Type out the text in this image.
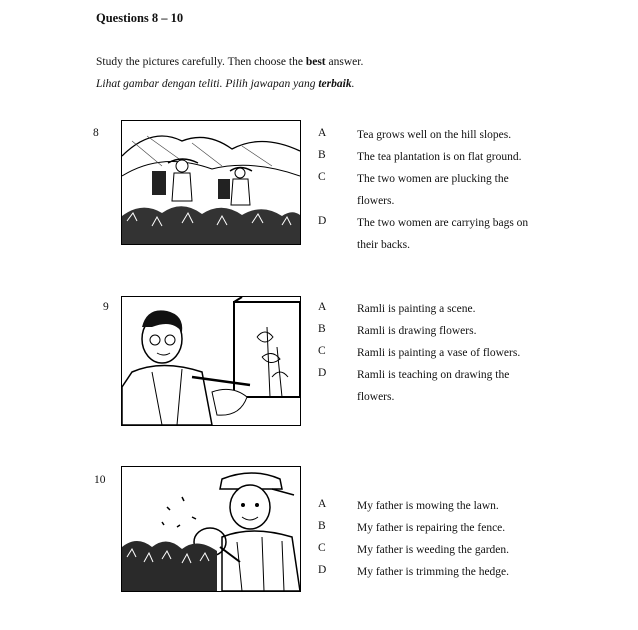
Questions 8 – 10
Study the pictures carefully. Then choose the best answer.
Lihat gambar dengan teliti. Pilih jawapan yang terbaik.
8	A	Tea grows well on the hill slopes.
B	The tea plantation is on flat ground.
C	The two women are plucking the flowers.
D	The two women are carrying bags on their backs.
9	A	Ramli is painting a scene.
B	Ramli is drawing flowers.
C	Ramli is painting a vase of flowers.
D	Ramli is teaching on drawing the flowers.
10
A	My father is mowing the lawn.
B	My father is repairing the fence.
C	My father is weeding the garden.
D	My father is trimming the hedge.
